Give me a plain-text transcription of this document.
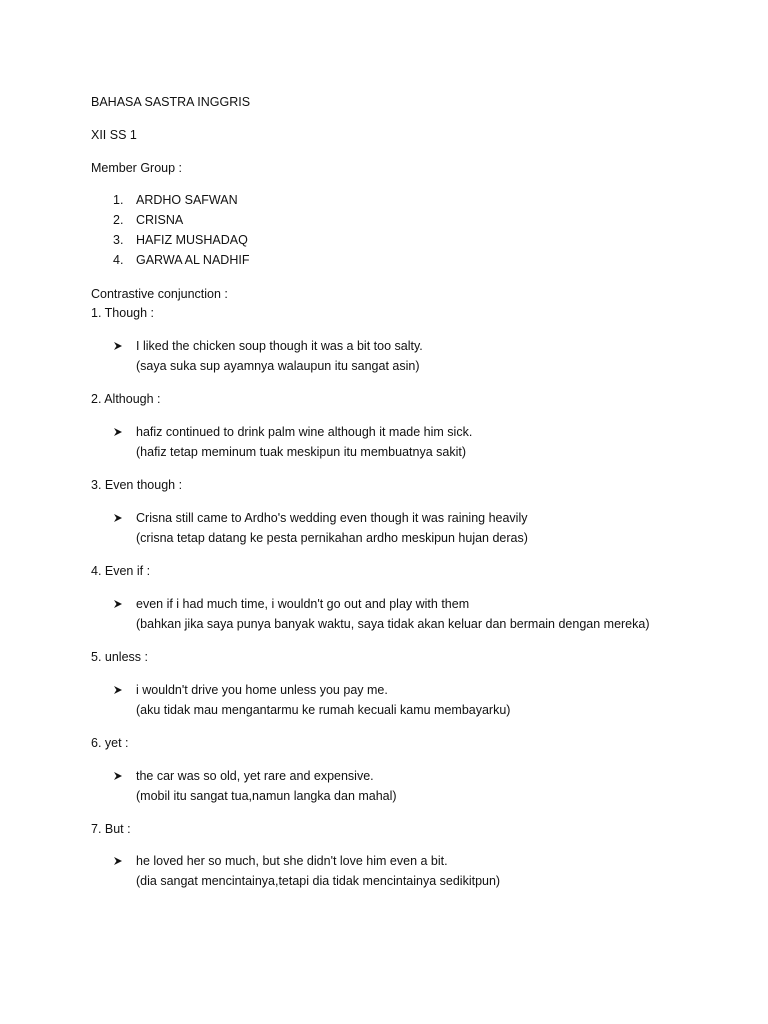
BAHASA SASTRA INGGRIS
XII SS 1
Member Group :
1. ARDHO SAFWAN
2. CRISNA
3. HAFIZ MUSHADAQ
4. GARWA AL NADHIF
Contrastive conjunction :
1. Though :
I liked the chicken soup though it was a bit too salty.
(saya suka sup ayamnya walaupun itu sangat asin)
2. Although :
hafiz continued to drink palm wine although it made him sick.
(hafiz tetap meminum tuak meskipun itu membuatnya sakit)
3. Even though :
Crisna still came to Ardho's wedding even though it was raining heavily
(crisna tetap datang ke pesta pernikahan ardho meskipun hujan deras)
4. Even if :
even if i had much time, i wouldn't go out and play with them
(bahkan jika saya punya banyak waktu, saya tidak akan keluar dan bermain dengan mereka)
5. unless :
i wouldn't drive you home unless you pay me.
(aku tidak mau mengantarmu ke rumah kecuali kamu membayarku)
6. yet :
the car was so old, yet rare and expensive.
(mobil itu sangat tua,namun langka dan mahal)
7. But :
he loved her so much, but she didn't love him even a bit.
(dia sangat mencintainya,tetapi dia tidak mencintainya sedikitpun)
